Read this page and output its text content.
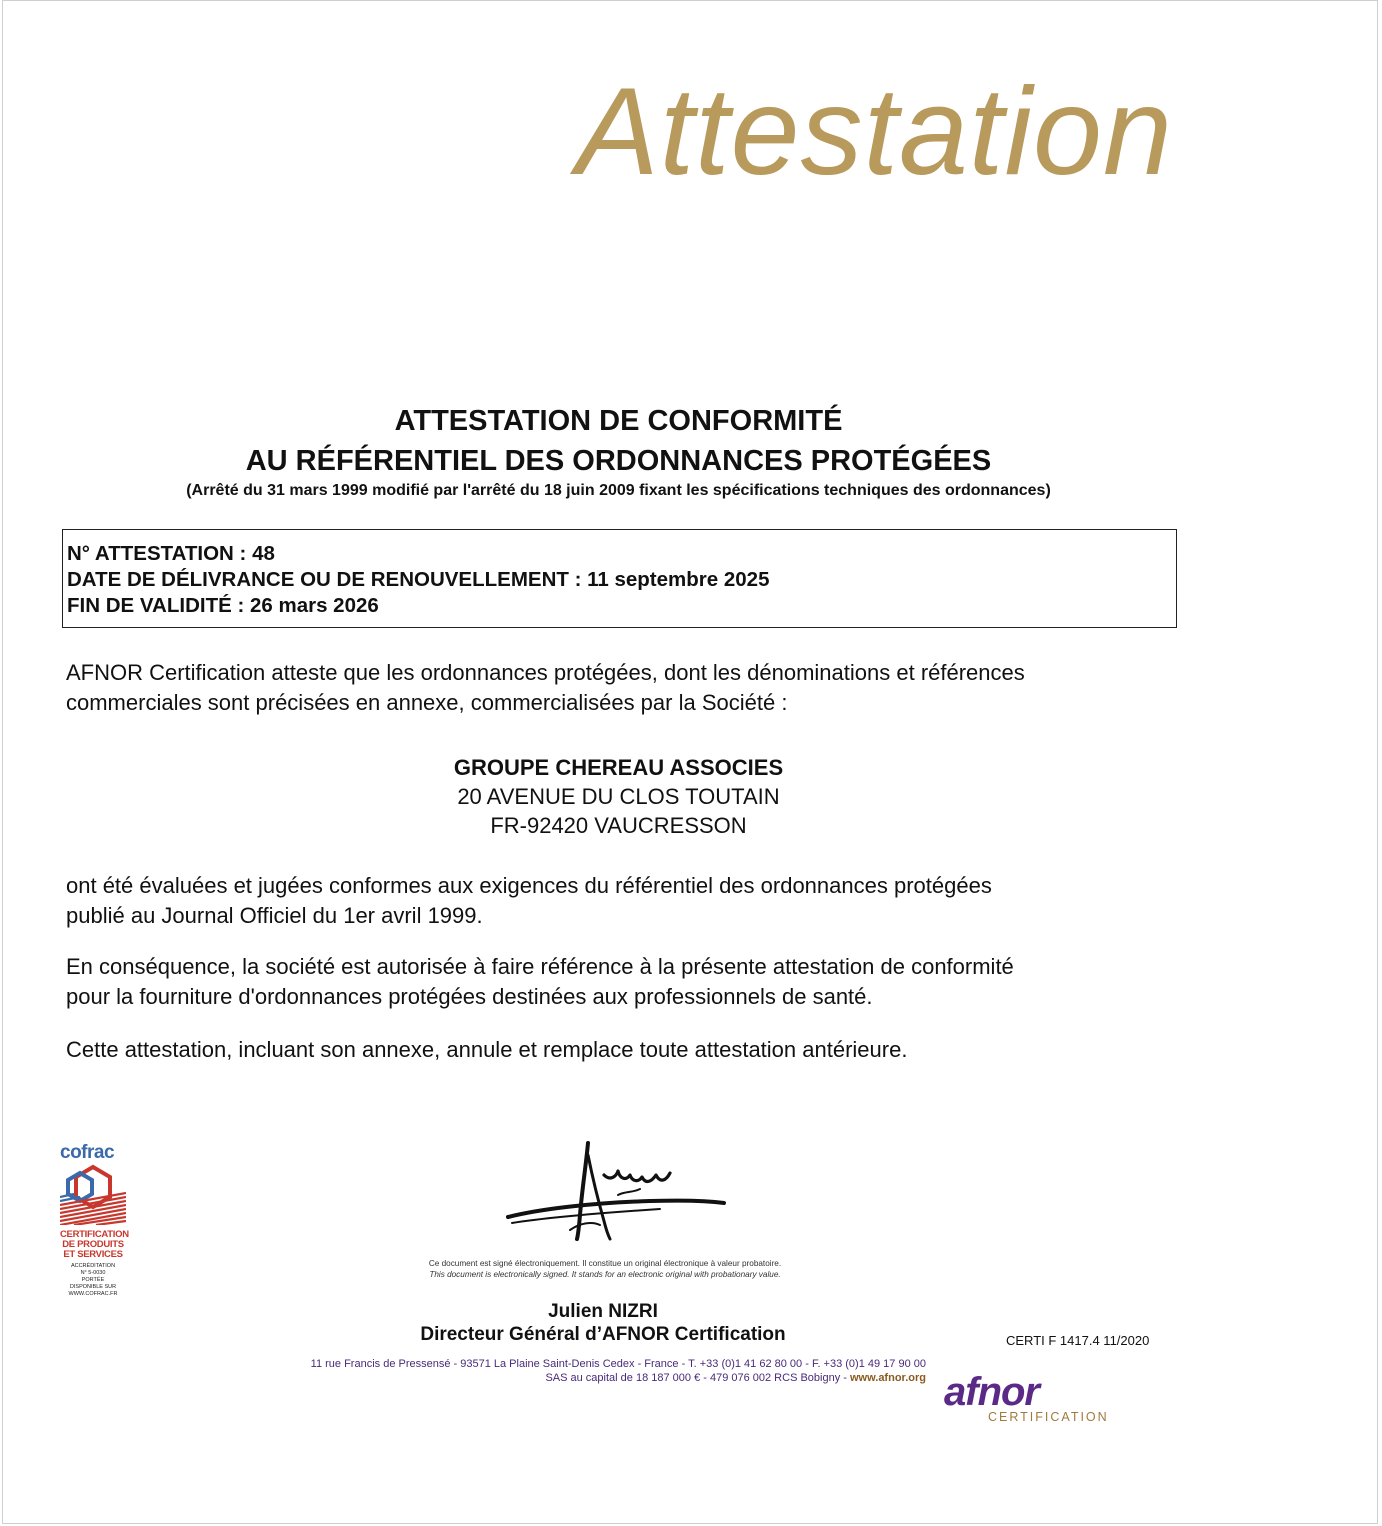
Attestation
ATTESTATION DE CONFORMITÉ
AU RÉFÉRENTIEL DES ORDONNANCES PROTÉGÉES
(Arrêté du 31 mars 1999 modifié par l'arrêté du 18 juin 2009 fixant les spécifications techniques des ordonnances)
N° ATTESTATION : 48
DATE DE DÉLIVRANCE OU DE RENOUVELLEMENT : 11 septembre 2025
FIN DE VALIDITÉ : 26 mars 2026
AFNOR Certification atteste que les ordonnances protégées, dont les dénominations et références
commerciales sont précisées en annexe, commercialisées par la Société :
GROUPE CHEREAU ASSOCIES
20 AVENUE DU CLOS TOUTAIN
FR-92420 VAUCRESSON
ont été évaluées et jugées conformes aux exigences du référentiel des ordonnances protégées
publié au Journal Officiel du 1er avril 1999.
En conséquence, la société est autorisée à faire référence à la présente attestation de conformité
pour la fourniture d'ordonnances protégées destinées aux professionnels de santé.
Cette attestation, incluant son annexe, annule et remplace toute attestation antérieure.
cofrac
CERTIFICATION
DE PRODUITS
ET SERVICES
ACCRÉDITATION
N° 5-0030
PORTÉE
DISPONIBLE SUR
WWW.COFRAC.FR
Ce document est signé électroniquement. Il constitue un original électronique à valeur probatoire.
This document is electronically signed. It stands for an electronic original with probationary value.
Julien NIZRI
Directeur Général d’AFNOR Certification	CERTI F 1417.4 11/2020
11 rue Francis de Pressensé - 93571 La Plaine Saint-Denis Cedex - France - T. +33 (0)1 41 62 80 00 - F. +33 (0)1 49 17 90 00
SAS au capital de 18 187 000 € - 479 076 002 RCS Bobigny - www.afnor.org afnor
CERTIFICATION
